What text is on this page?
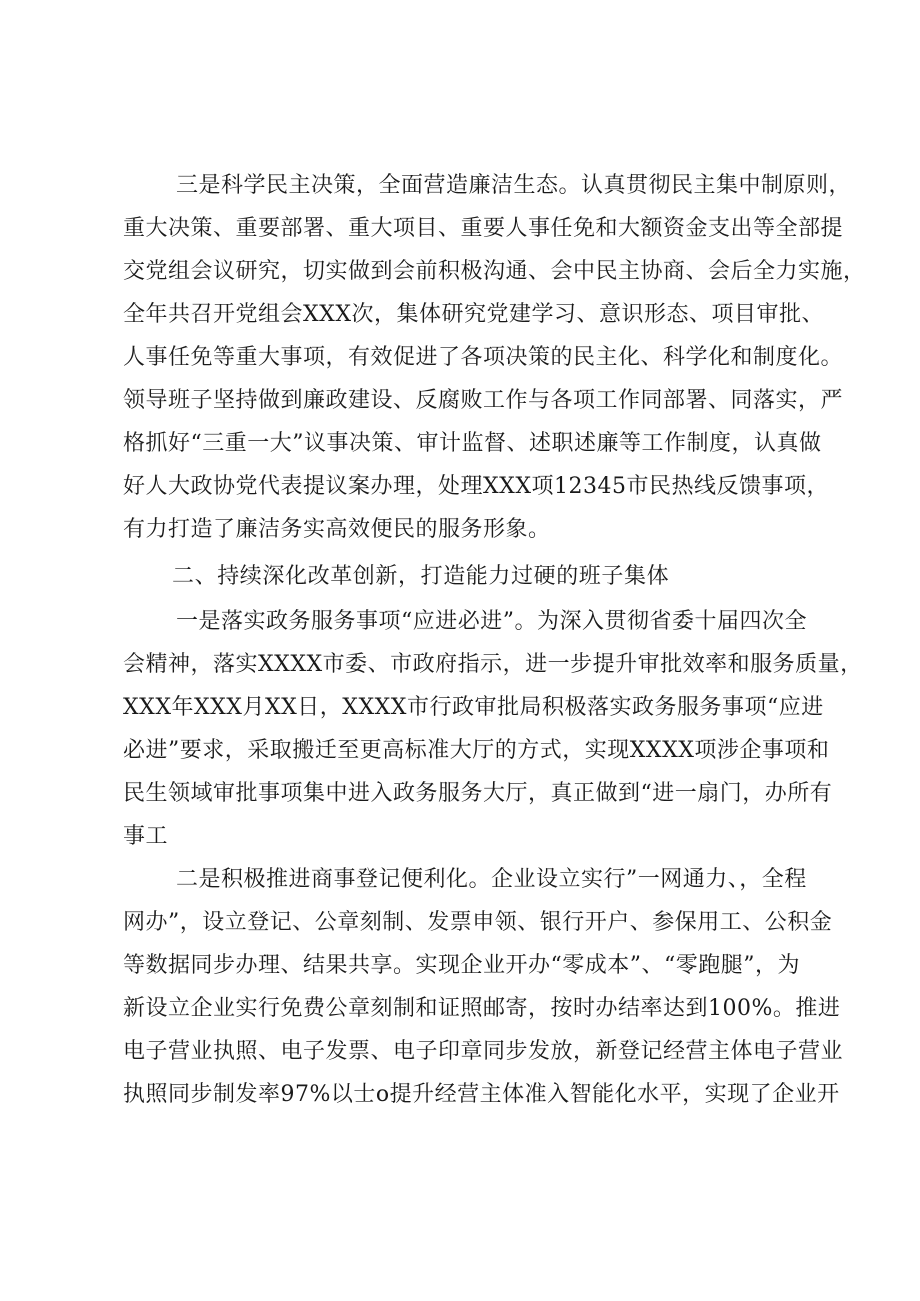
三是科学民主决策，全面营造廉洁生态。认真贯彻民主集中制原则，
重大决策、重要部署、重大项目、重要人事任免和大额资金支出等全部提
交党组会议研究，切实做到会前积极沟通、会中民主协商、会后全力实施，
全年共召开党组会XXX次，集体研究党建学习、意识形态、项目审批、
人事任免等重大事项，有效促进了各项决策的民主化、科学化和制度化。
领导班子坚持做到廉政建设、反腐败工作与各项工作同部署、同落实，严
格抓好“三重一大”议事决策、审计监督、述职述廉等工作制度，认真做
好人大政协党代表提议案办理，处理XXX项12345市民热线反馈事项，
有力打造了廉洁务实高效便民的服务形象。
二、持续深化改革创新，打造能力过硬的班子集体
一是落实政务服务事项“应进必进”。为深入贯彻省委十届四次全
会精神，落实XXXX市委、市政府指示，进一步提升审批效率和服务质量，
XXX年XXX月XX日，XXXX市行政审批局积极落实政务服务事项“应进
必进”要求，采取搬迁至更高标准大厅的方式，实现XXXX项涉企事项和
民生领域审批事项集中进入政务服务大厅，真正做到“进一扇门，办所有
事工
二是积极推进商事登记便利化。企业设立实行”一网通力、，全程
网办”，设立登记、公章刻制、发票申领、银行开户、参保用工、公积金
等数据同步办理、结果共享。实现企业开办“零成本”、“零跑腿”，为
新设立企业实行免费公章刻制和证照邮寄，按时办结率达到100%。推进
电子营业执照、电子发票、电子印章同步发放，新登记经营主体电子营业
执照同步制发率97%以士o提升经营主体准入智能化水平，实现了企业开
